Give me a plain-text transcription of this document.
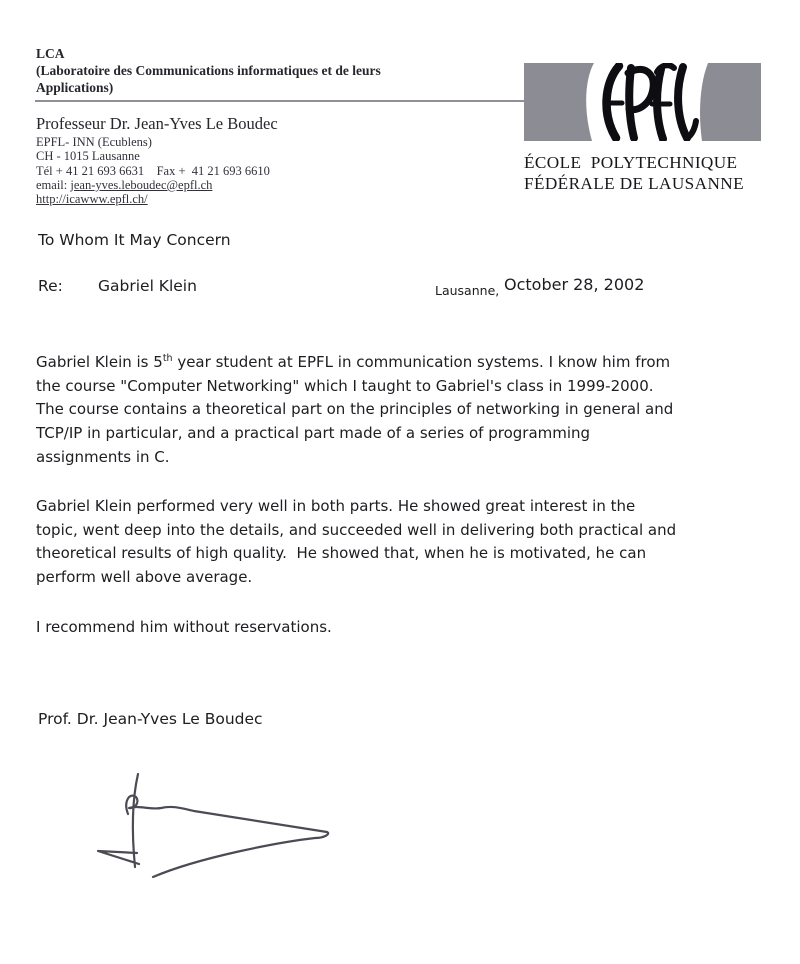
LCA
(Laboratoire des Communications informatiques et de leurs
Applications)
Professeur Dr. Jean-Yves Le Boudec
EPFL- INN (Ecublens)
CH - 1015 Lausanne
Tél + 41 21 693 6631    Fax +  41 21 693 6610
email: jean-yves.leboudec@epfl.ch
http://icawww.epfl.ch/
ÉCOLE  POLYTECHNIQUE
FÉDÉRALE DE LAUSANNE
To Whom It May Concern
Re: Gabriel Klein	Lausanne, October 28, 2002
Gabriel Klein is 5th year student at EPFL in communication systems. I know him from
the course "Computer Networking" which I taught to Gabriel's class in 1999-2000.
The course contains a theoretical part on the principles of networking in general and
TCP/IP in particular, and a practical part made of a series of programming
assignments in C.
Gabriel Klein performed very well in both parts. He showed great interest in the
topic, went deep into the details, and succeeded well in delivering both practical and
theoretical results of high quality.  He showed that, when he is motivated, he can
perform well above average.
I recommend him without reservations.
Prof. Dr. Jean-Yves Le Boudec
